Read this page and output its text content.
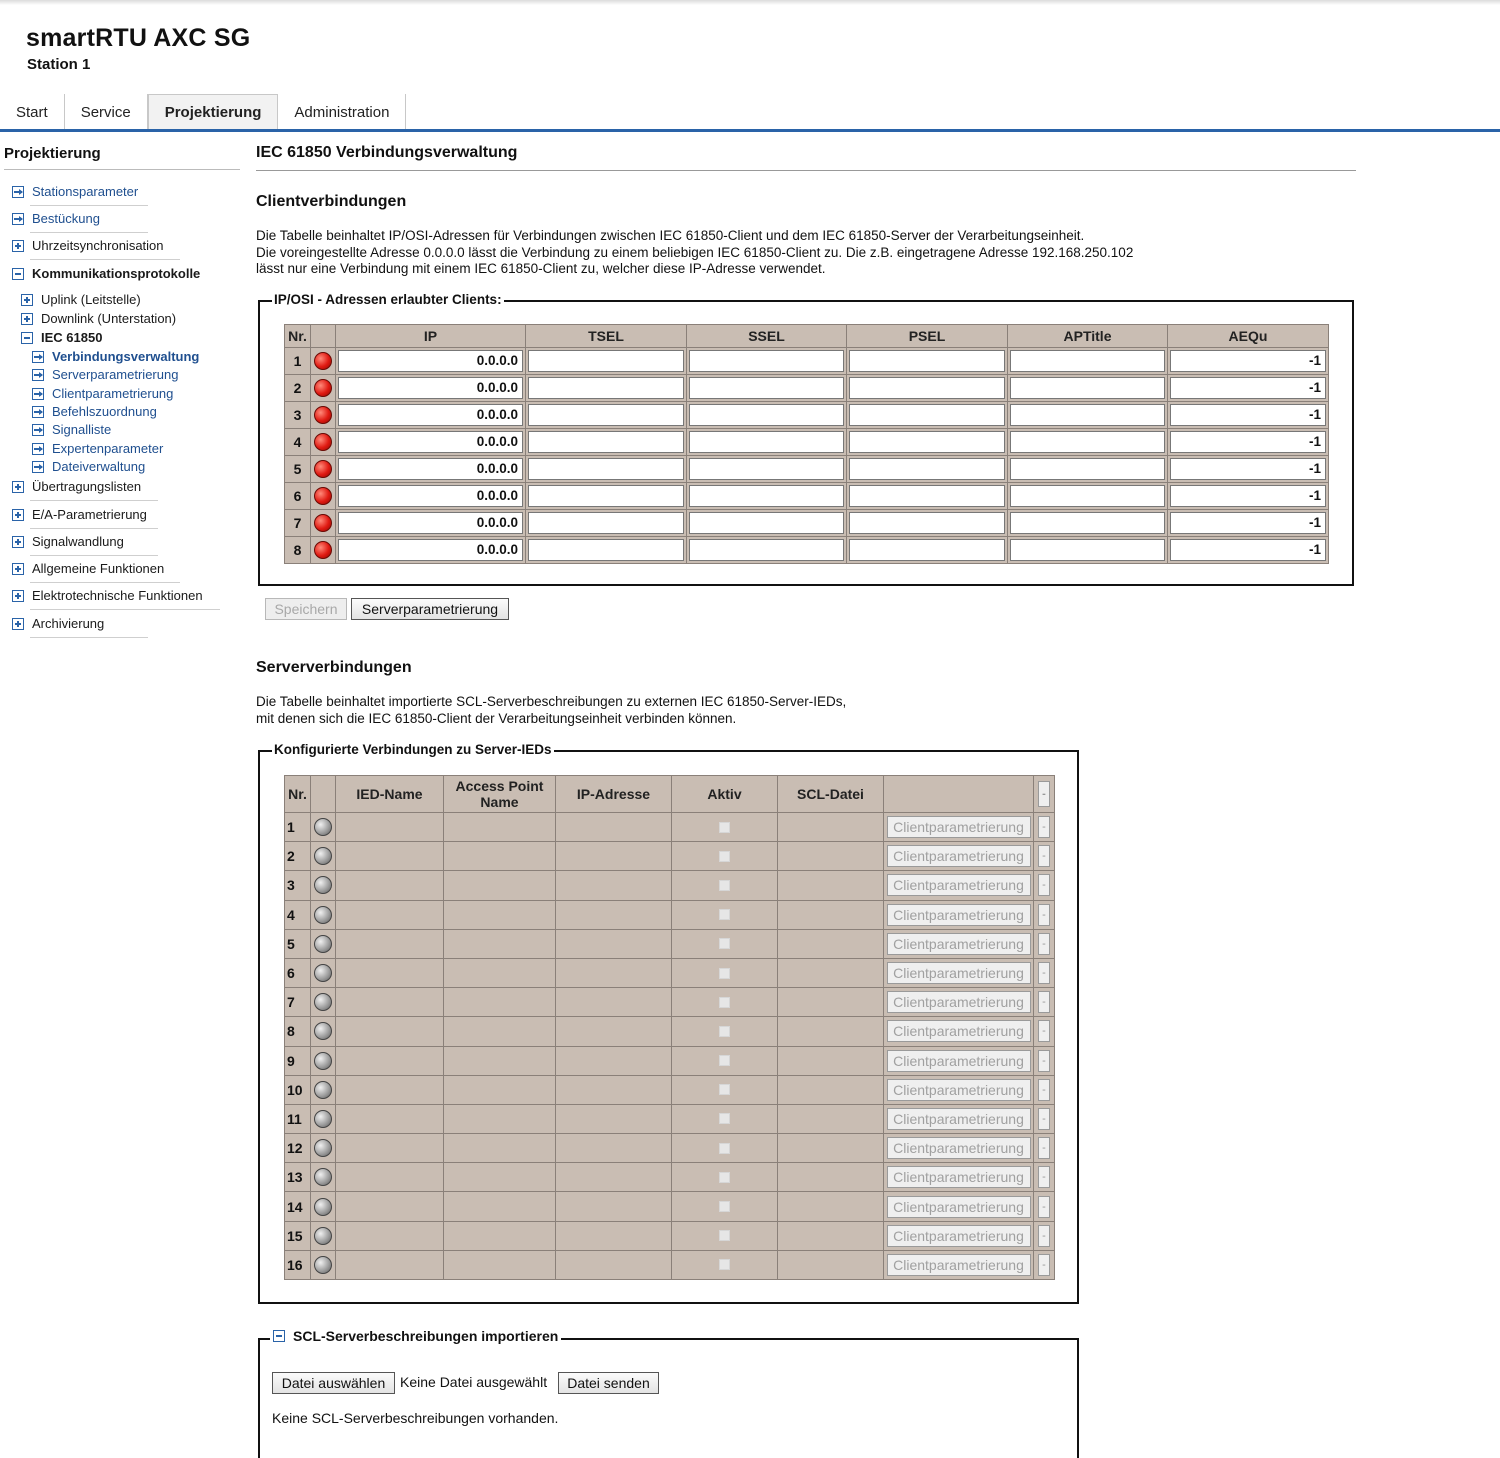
smartRTU AXC SG
Station 1
Start	Service	Projektierung	Administration
Projektierung
Stationsparameter
Bestückung
Uhrzeitsynchronisation
Kommunikationsprotokolle
Uplink (Leitstelle)
Downlink (Unterstation)
IEC 61850
Verbindungsverwaltung
Serverparametrierung
Clientparametrierung
Befehlszuordnung
Signalliste
Expertenparameter
Dateiverwaltung
Übertragungslisten
E/A-Parametrierung
Signalwandlung
Allgemeine Funktionen
Elektrotechnische Funktionen
Archivierung
IEC 61850 Verbindungsverwaltung
Clientverbindungen
Die Tabelle beinhaltet IP/OSI-Adressen für Verbindungen zwischen IEC 61850-Client und dem IEC 61850-Server der Verarbeitungseinheit.
Die voreingestellte Adresse 0.0.0.0 lässt die Verbindung zu einem beliebigen IEC 61850-Client zu. Die z.B. eingetragene Adresse 192.168.250.102
lässt nur eine Verbindung mit einem IEC 61850-Client zu, welcher diese IP-Adresse verwendet.
IP/OSI - Adressen erlaubter Clients:
Nr.		IP	TSEL	SSEL	PSEL	APTitle	AEQu
1		0.0.0.0					-1

2		0.0.0.0					-1

3		0.0.0.0					-1

4		0.0.0.0					-1

5		0.0.0.0					-1

6		0.0.0.0					-1

7		0.0.0.0					-1

8		0.0.0.0					-1
Speichern	Serverparametrierung
Serververbindungen
Die Tabelle beinhaltet importierte SCL-Serverbeschreibungen zu externen IEC 61850-Server-IEDs,
mit denen sich die IEC 61850-Client der Verarbeitungseinheit verbinden können.
Konfigurierte Verbindungen zu Server-IEDs
Nr.		IED-Name	Access Point
Name	IP-Adresse	Aktiv	SCL-Datei		-

1							Clientparametrierung	-

2							Clientparametrierung	-

3							Clientparametrierung	-

4							Clientparametrierung	-

5							Clientparametrierung	-

6							Clientparametrierung	-

7							Clientparametrierung	-

8							Clientparametrierung	-

9							Clientparametrierung	-

10							Clientparametrierung	-

11							Clientparametrierung	-

12							Clientparametrierung	-

13							Clientparametrierung	-

14							Clientparametrierung	-

15							Clientparametrierung	-

16							Clientparametrierung	-
SCL-Serverbeschreibungen importieren
Datei auswählen	Keine Datei ausgewählt	Datei senden
Keine SCL-Serverbeschreibungen vorhanden.
